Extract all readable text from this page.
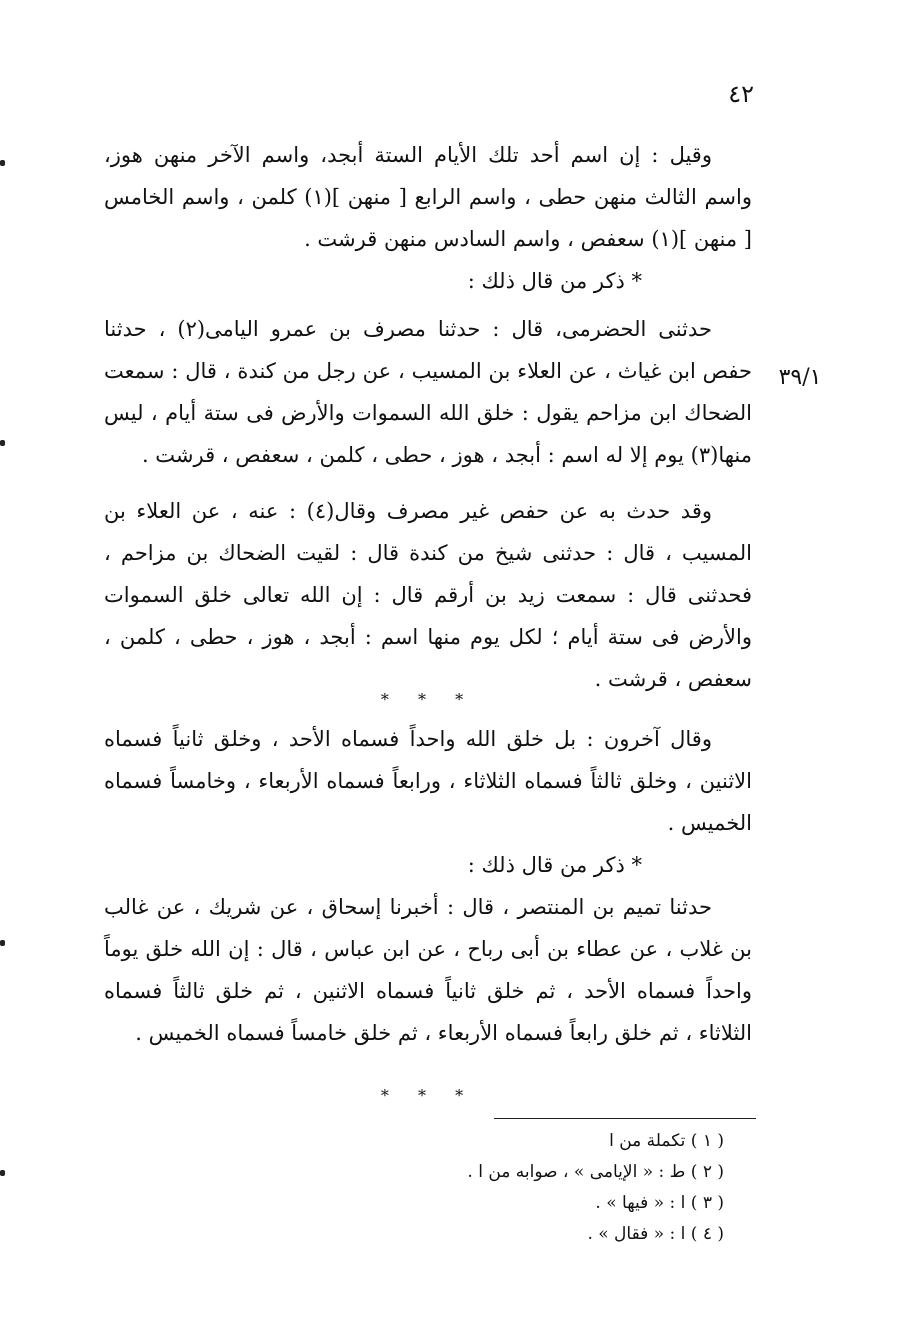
٤٢
٣٩/١

وقيل : إن اسم أحد تلك الأيام الستة أبجد، واسم الآخر منهن هوز، واسم الثالث منهن حطى ، واسم الرابع [ منهن ](١) كلمن ، واسم الخامس [ منهن ](١) سعفص ، واسم السادس منهن قرشت .

* ذكر من قال ذلك :

حدثنى الحضرمى، قال : حدثنا مصرف بن عمرو اليامى(٢) ، حدثنا حفص ابن غياث ، عن العلاء بن المسيب ، عن رجل من كندة ، قال : سمعت الضحاك ابن مزاحم يقول : خلق الله السموات والأرض فى ستة أيام ، ليس منها(٣) يوم إلا له اسم : أبجد ، هوز ، حطى ، كلمن ، سعفص ، قرشت .

وقد حدث به عن حفص غير مصرف وقال(٤) : عنه ، عن العلاء بن المسيب ، قال : حدثنى شيخ من كندة قال : لقيت الضحاك بن مزاحم ، فحدثنى قال : سمعت زيد بن أرقم قال : إن الله تعالى خلق السموات والأرض فى ستة أيام ؛ لكل يوم منها اسم : أبجد ، هوز ، حطى ، كلمن ، سعفص ، قرشت .

* * *

وقال آخرون : بل خلق الله واحداً فسماه الأحد ، وخلق ثانياً فسماه الاثنين ، وخلق ثالثاً فسماه الثلاثاء ، ورابعاً فسماه الأربعاء ، وخامساً فسماه الخميس .

* ذكر من قال ذلك :

حدثنا تميم بن المنتصر ، قال : أخبرنا إسحاق ، عن شريك ، عن غالب بن غلاب ، عن عطاء بن أبى رباح ، عن ابن عباس ، قال : إن الله خلق يوماً واحداً فسماه الأحد ، ثم خلق ثانياً فسماه الاثنين ، ثم خلق ثالثاً فسماه الثلاثاء ، ثم خلق رابعاً فسماه الأربعاء ، ثم خلق خامساً فسماه الخميس .

* * *
( ١ ) تكملة من ا
( ٢ ) ط : « الإيامى » ، صوابه من ا .
( ٣ ) ا : « فيها » .
( ٤ ) ا : « فقال » .
